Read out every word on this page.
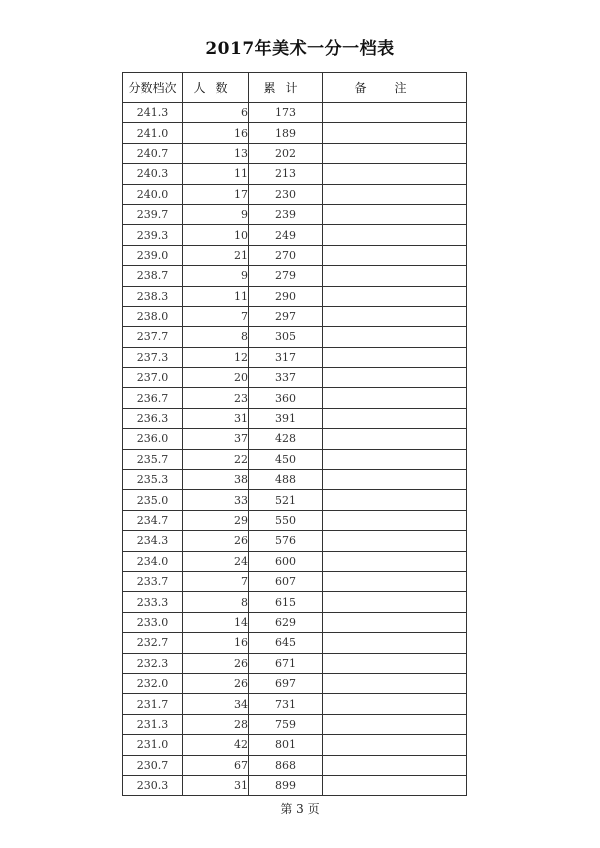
2017年美术一分一档表
分数档次	人数	累计	备注
241.3	6	173	
241.0	16	189	
240.7	13	202	
240.3	11	213	
240.0	17	230	
239.7	9	239	
239.3	10	249	
239.0	21	270	
238.7	9	279	
238.3	11	290	
238.0	7	297	
237.7	8	305	
237.3	12	317	
237.0	20	337	
236.7	23	360	
236.3	31	391	
236.0	37	428	
235.7	22	450	
235.3	38	488	
235.0	33	521	
234.7	29	550	
234.3	26	576	
234.0	24	600	
233.7	7	607	
233.3	8	615	
233.0	14	629	
232.7	16	645	
232.3	26	671	
232.0	26	697	
231.7	34	731	
231.3	28	759	
231.0	42	801	
230.7	67	868	
230.3	31	899	
第 3 页
